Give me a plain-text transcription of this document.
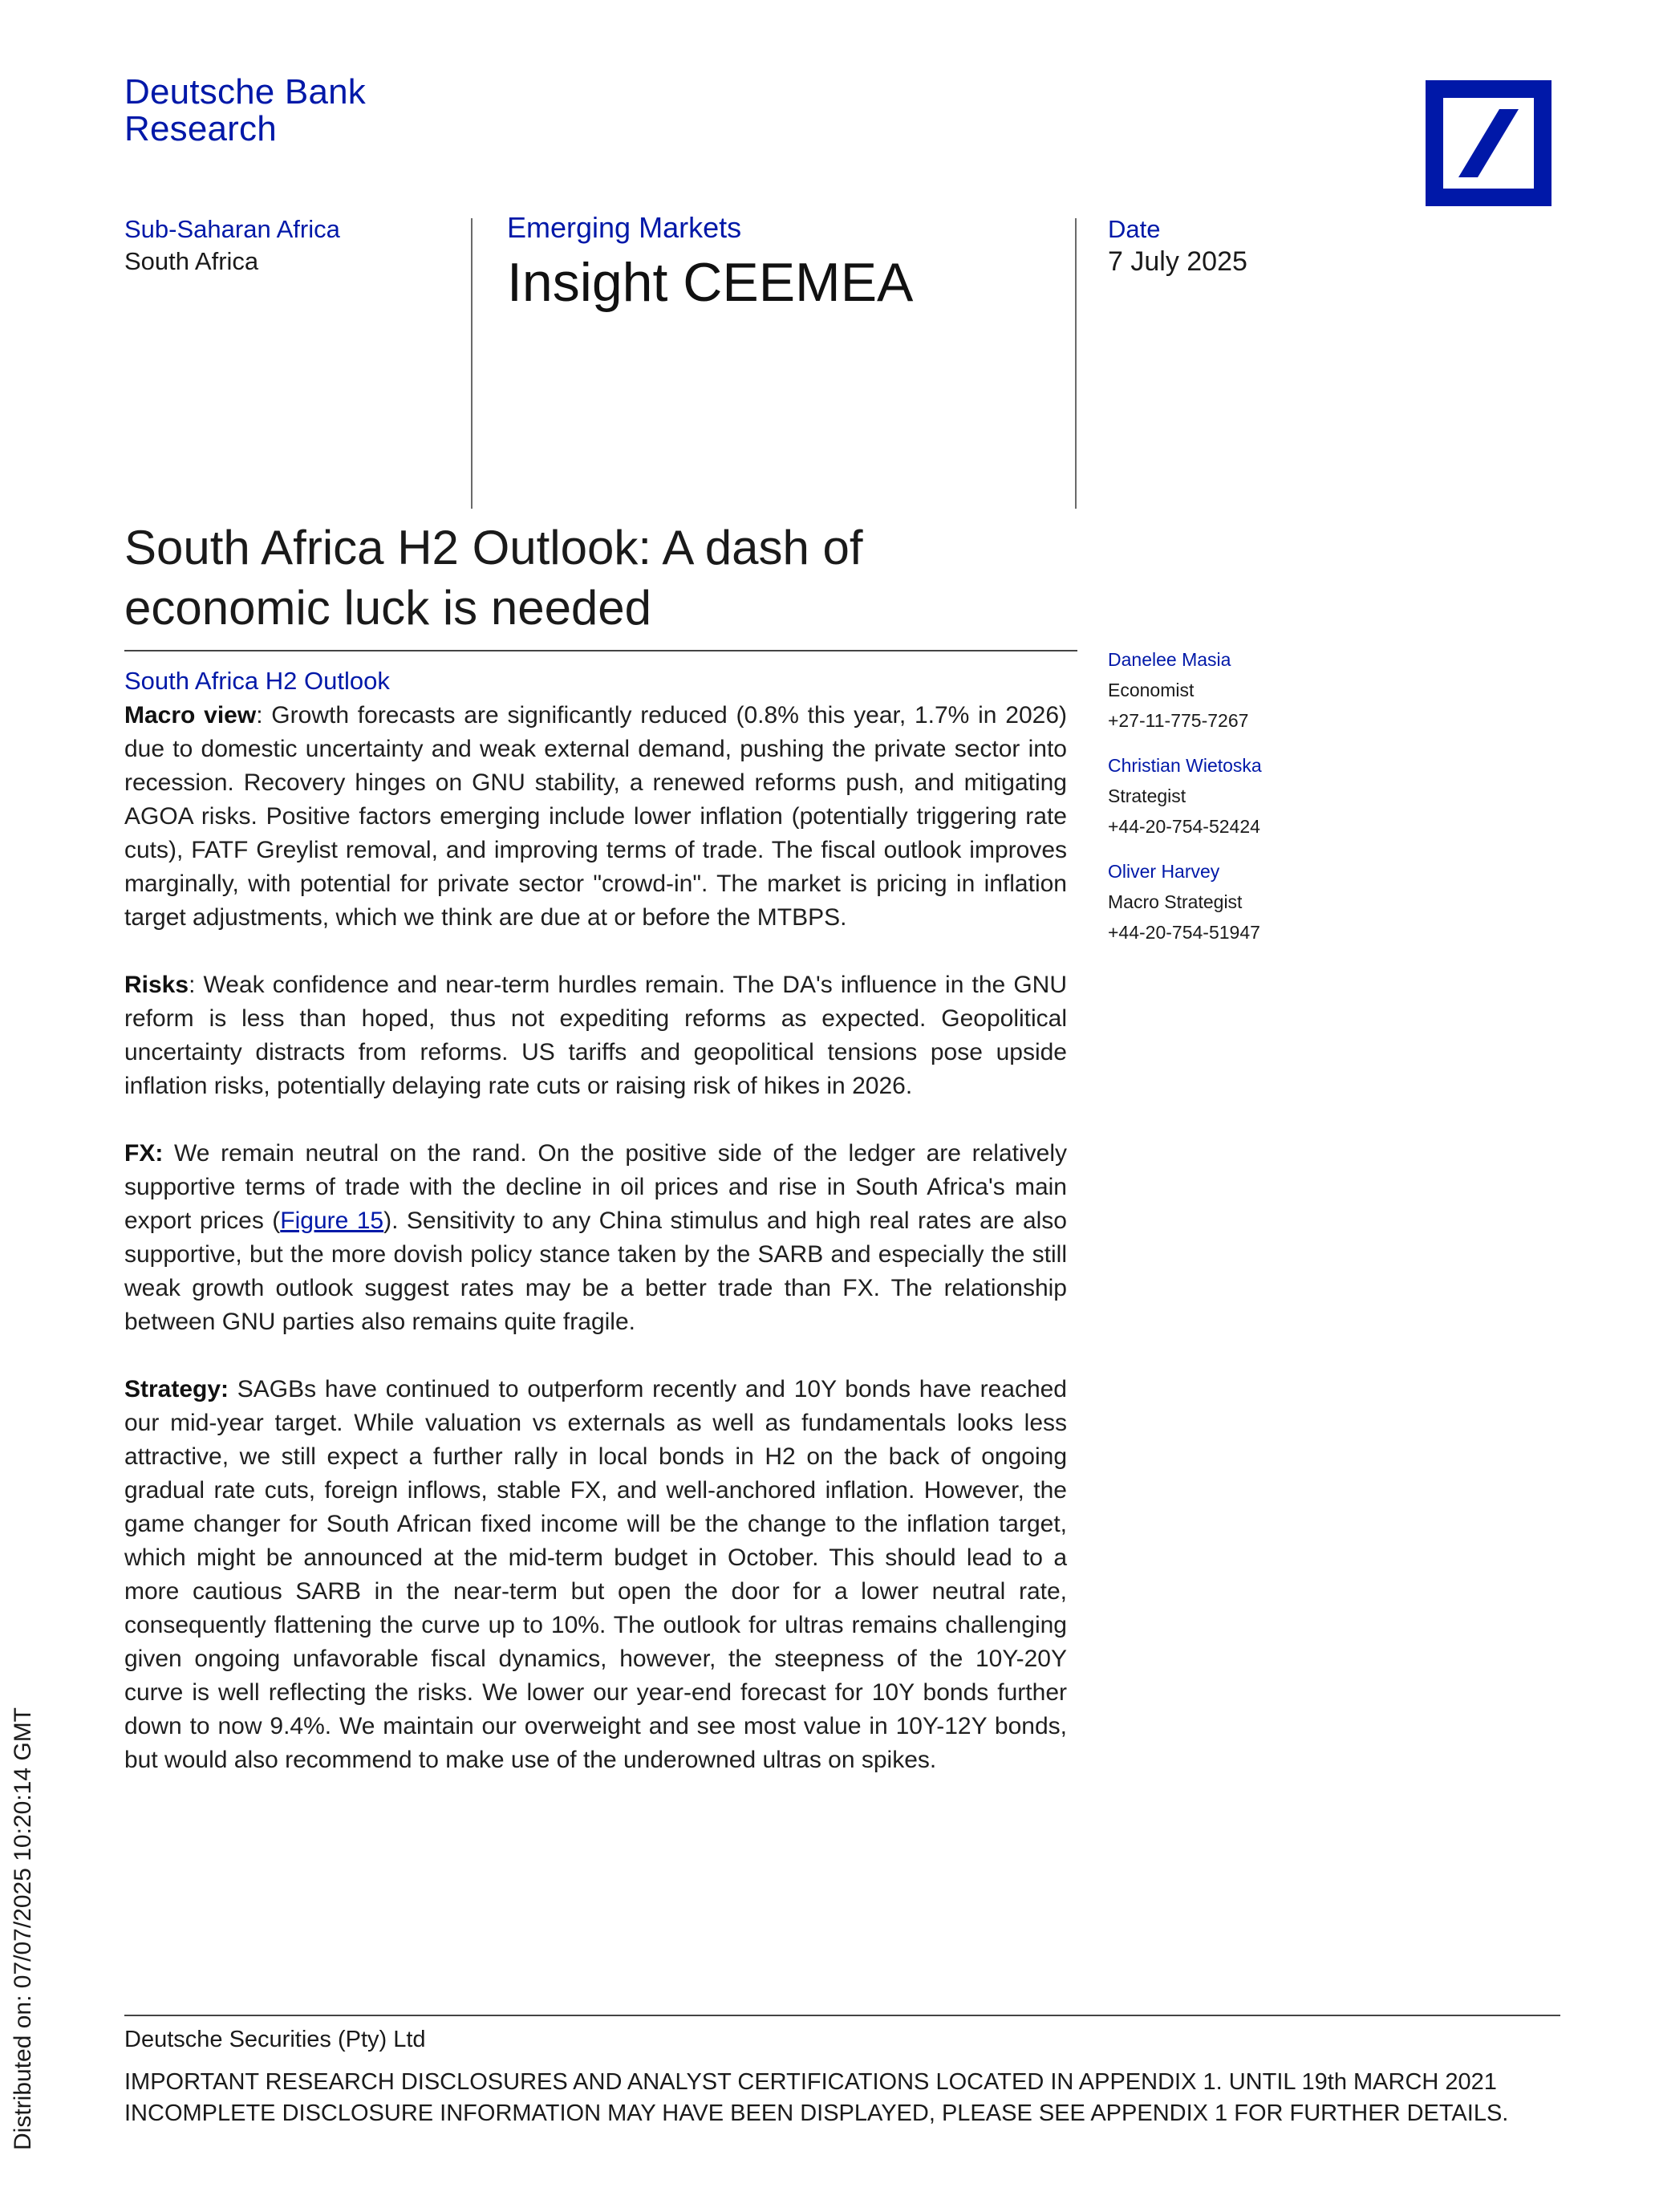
Deutsche Bank
Research
Sub-Saharan Africa
South Africa
Emerging Markets
Insight CEEMEA
Date
7 July 2025
South Africa H2 Outlook: A dash of
economic luck is needed
Danelee Masia
Economist
+27-11-775-7267
Christian Wietoska
Strategist
+44-20-754-52424
Oliver Harvey
Macro Strategist
+44-20-754-51947
South Africa H2 Outlook

Macro view: Growth forecasts are significantly reduced (0.8% this year, 1.7% in 2026) due to domestic uncertainty and weak external demand, pushing the private sector into recession. Recovery hinges on GNU stability, a renewed reforms push, and mitigating AGOA risks. Positive factors emerging include lower inflation (potentially triggering rate cuts), FATF Greylist removal, and improving terms of trade. The fiscal outlook improves marginally, with potential for private sector "crowd-in". The market is pricing in inflation target adjustments, which we think are due at or before the MTBPS.

Risks: Weak confidence and near-term hurdles remain. The DA's influence in the GNU reform is less than hoped, thus not expediting reforms as expected. Geopolitical uncertainty distracts from reforms. US tariffs and geopolitical tensions pose upside inflation risks, potentially delaying rate cuts or raising risk of hikes in 2026.

FX: We remain neutral on the rand. On the positive side of the ledger are relatively supportive terms of trade with the decline in oil prices and rise in South Africa's main export prices (Figure 15). Sensitivity to any China stimulus and high real rates are also supportive, but the more dovish policy stance taken by the SARB and especially the still weak growth outlook suggest rates may be a better trade than FX. The relationship between GNU parties also remains quite fragile.

Strategy: SAGBs have continued to outperform recently and 10Y bonds have reached our mid-year target. While valuation vs externals as well as fundamentals looks less attractive, we still expect a further rally in local bonds in H2 on the back of ongoing gradual rate cuts, foreign inflows, stable FX, and well-anchored inflation. However, the game changer for South African fixed income will be the change to the inflation target, which might be announced at the mid-term budget in October. This should lead to a more cautious SARB in the near-term but open the door for a lower neutral rate, consequently flattening the curve up to 10%. The outlook for ultras remains challenging given ongoing unfavorable fiscal dynamics, however, the steepness of the 10Y-20Y curve is well reflecting the risks. We lower our year-end forecast for 10Y bonds further down to now 9.4%. We maintain our overweight and see most value in 10Y-12Y bonds, but would also recommend to make use of the underowned ultras on spikes.

Deutsche Securities (Pty) Ltd
IMPORTANT RESEARCH DISCLOSURES AND ANALYST CERTIFICATIONS LOCATED IN APPENDIX 1. UNTIL 19th MARCH 2021 INCOMPLETE DISCLOSURE INFORMATION MAY HAVE BEEN DISPLAYED, PLEASE SEE APPENDIX 1 FOR FURTHER DETAILS.
Distributed on: 07/07/2025 10:20:14 GMT
